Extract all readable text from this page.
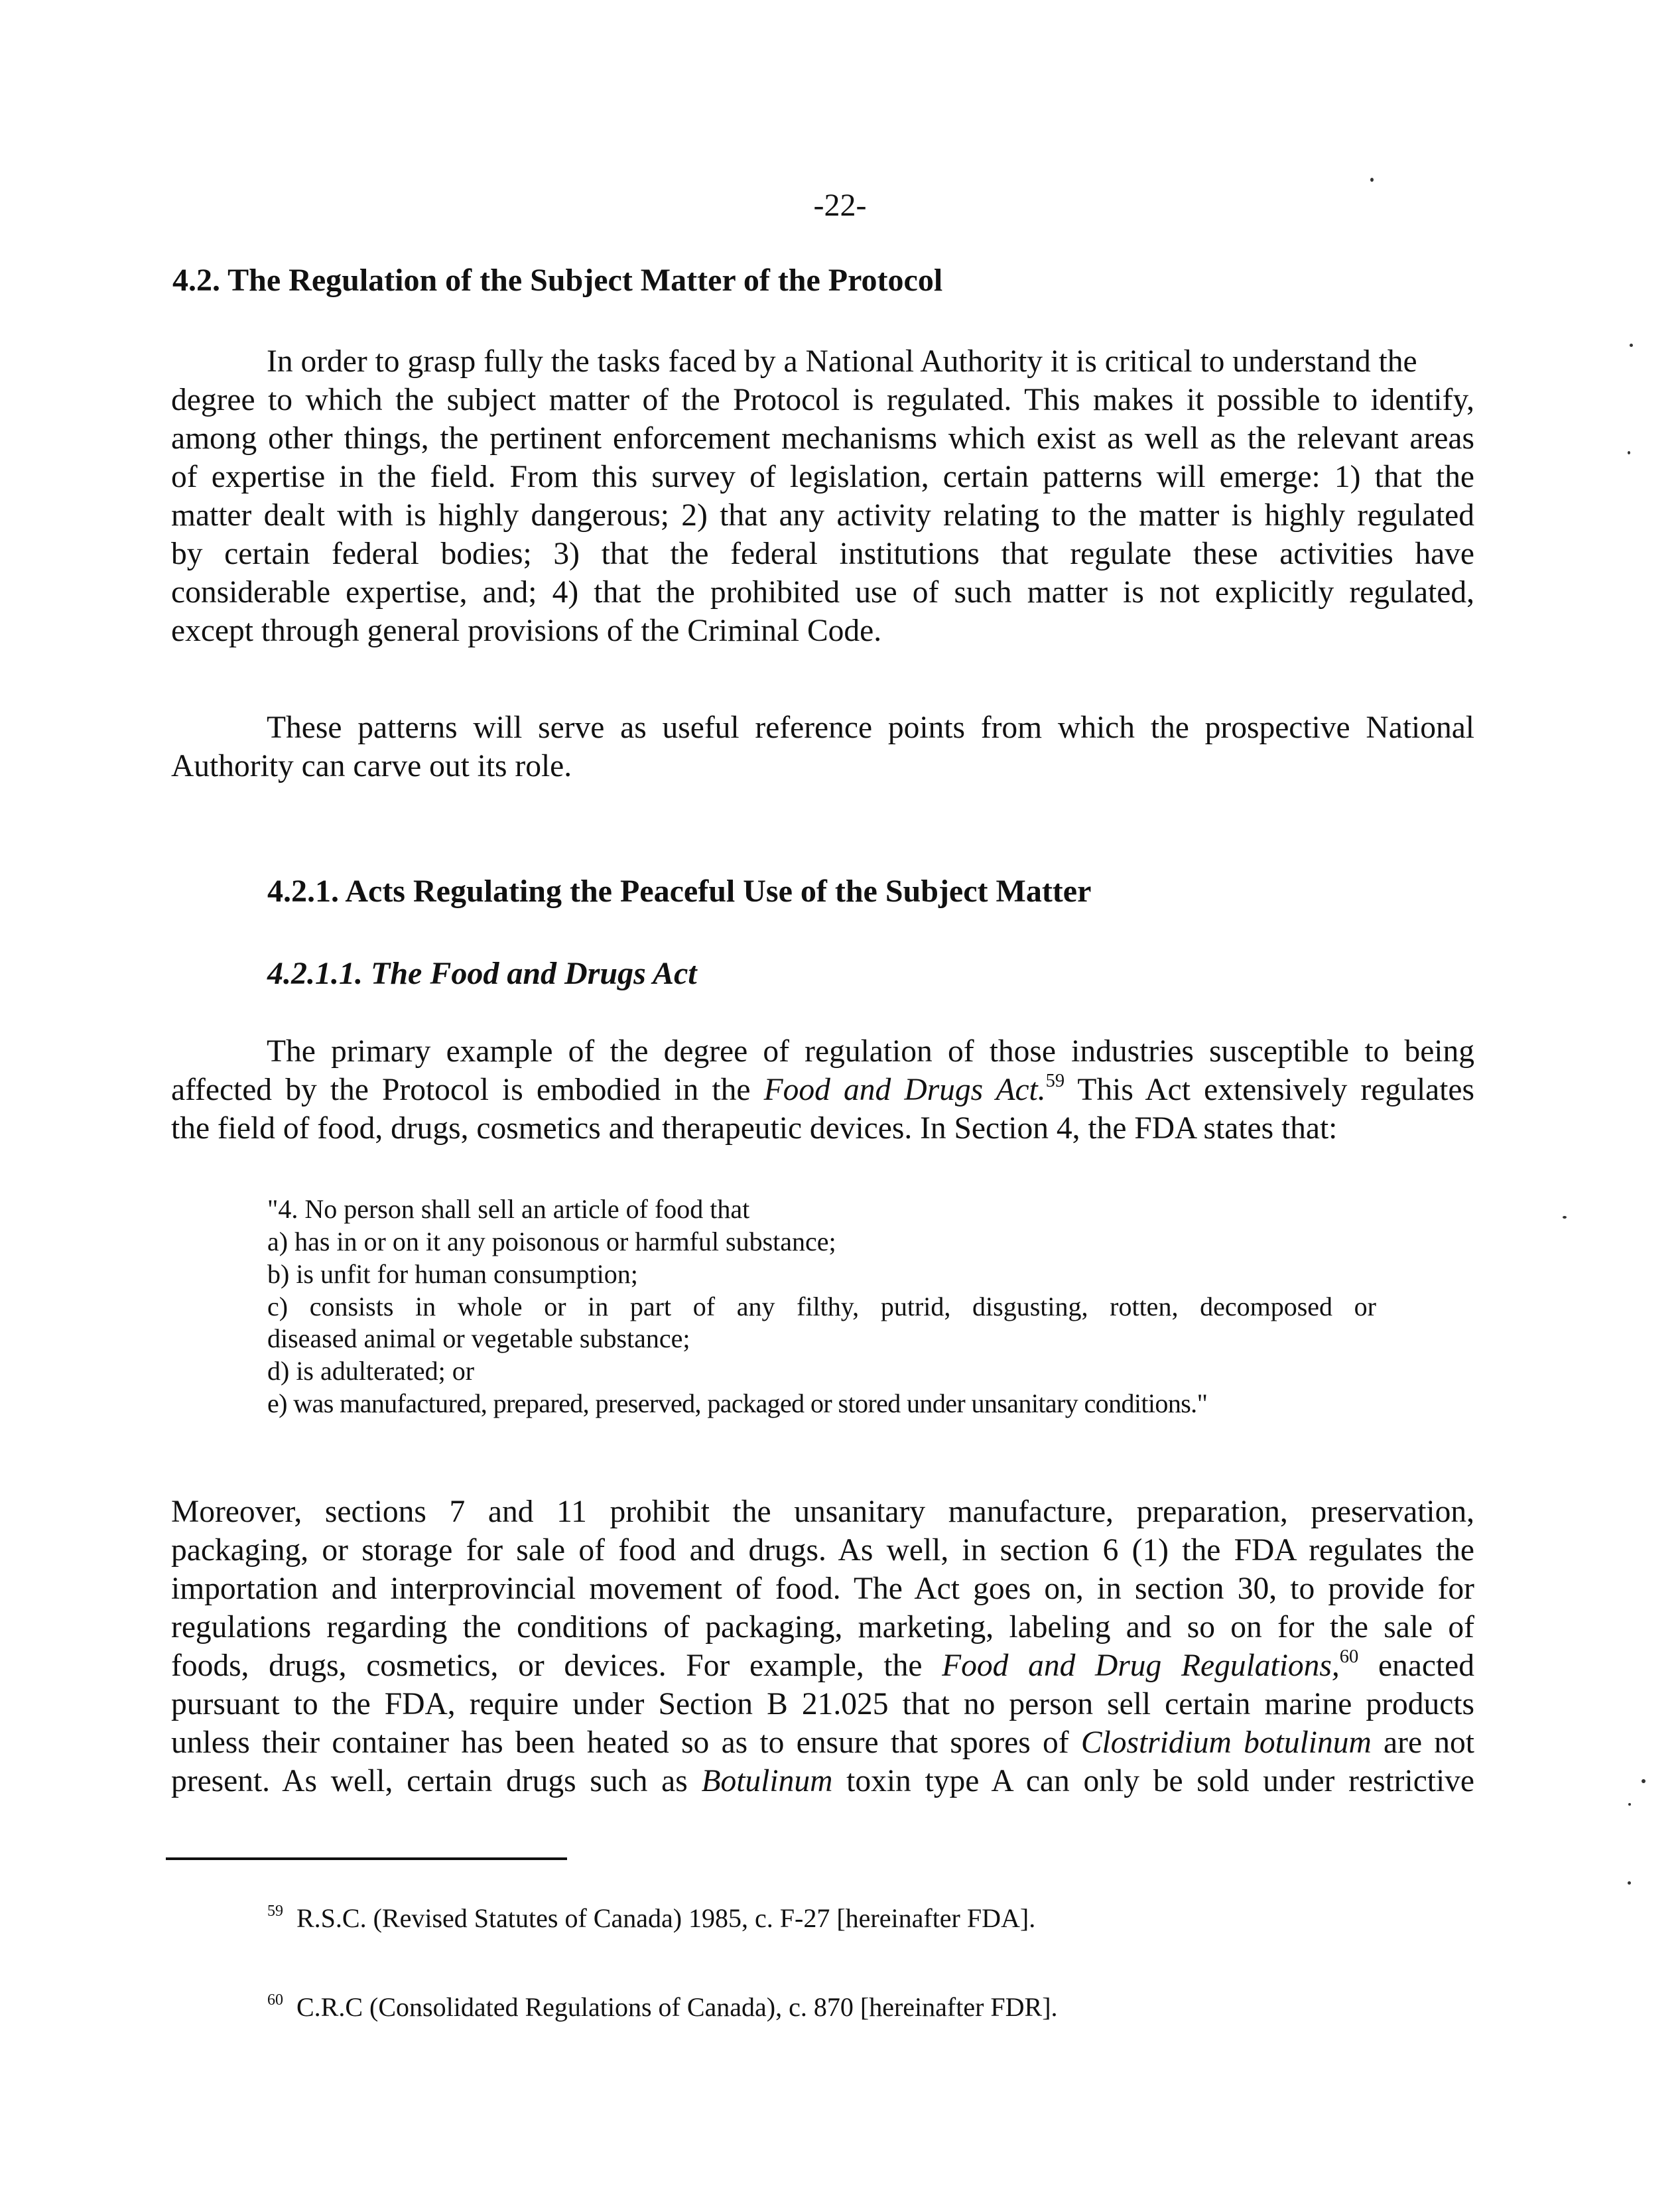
-22-
4.2. The Regulation of the Subject Matter of the Protocol
In order to grasp fully the tasks faced by a National Authority it is critical to understand the
degree to which the subject matter of the Protocol is regulated. This makes it possible to identify,
among other things, the pertinent enforcement mechanisms which exist as well as the relevant areas
of expertise in the field. From this survey of legislation, certain patterns will emerge: 1) that the
matter dealt with is highly dangerous; 2) that any activity relating to the matter is highly regulated
by certain federal bodies; 3) that the federal institutions that regulate these activities have
considerable expertise, and; 4) that the prohibited use of such matter is not explicitly regulated,
except through general provisions of the Criminal Code.
These patterns will serve as useful reference points from which the prospective National
Authority can carve out its role.
4.2.1. Acts Regulating the Peaceful Use of the Subject Matter
4.2.1.1. The Food and Drugs Act
The primary example of the degree of regulation of those industries susceptible to being
affected by the Protocol is embodied in the Food and Drugs Act.$^{59}$ This Act extensively regulates
the field of food, drugs, cosmetics and therapeutic devices. In Section 4, the FDA states that:
"4. No person shall sell an article of food that
a) has in or on it any poisonous or harmful substance;
b) is unfit for human consumption;
c) consists in whole or in part of any filthy, putrid, disgusting, rotten, decomposed or
diseased animal or vegetable substance;
d) is adulterated; or
e) was manufactured, prepared, preserved, packaged or stored under unsanitary conditions."
Moreover, sections 7 and 11 prohibit the unsanitary manufacture, preparation, preservation,
packaging, or storage for sale of food and drugs. As well, in section 6 (1) the FDA regulates the
importation and interprovincial movement of food. The Act goes on, in section 30, to provide for
regulations regarding the conditions of packaging, marketing, labeling and so on for the sale of
foods, drugs, cosmetics, or devices. For example, the Food and Drug Regulations,$^{60}$ enacted
pursuant to the FDA, require under Section B 21.025 that no person sell certain marine products
unless their container has been heated so as to ensure that spores of Clostridium botulinum are not
present. As well, certain drugs such as Botulinum toxin type A can only be sold under restrictive
$^{59}$ R.S.C. (Revised Statutes of Canada) 1985, c. F-27 [hereinafter FDA].
$^{60}$ C.R.C (Consolidated Regulations of Canada), c. 870 [hereinafter FDR].
